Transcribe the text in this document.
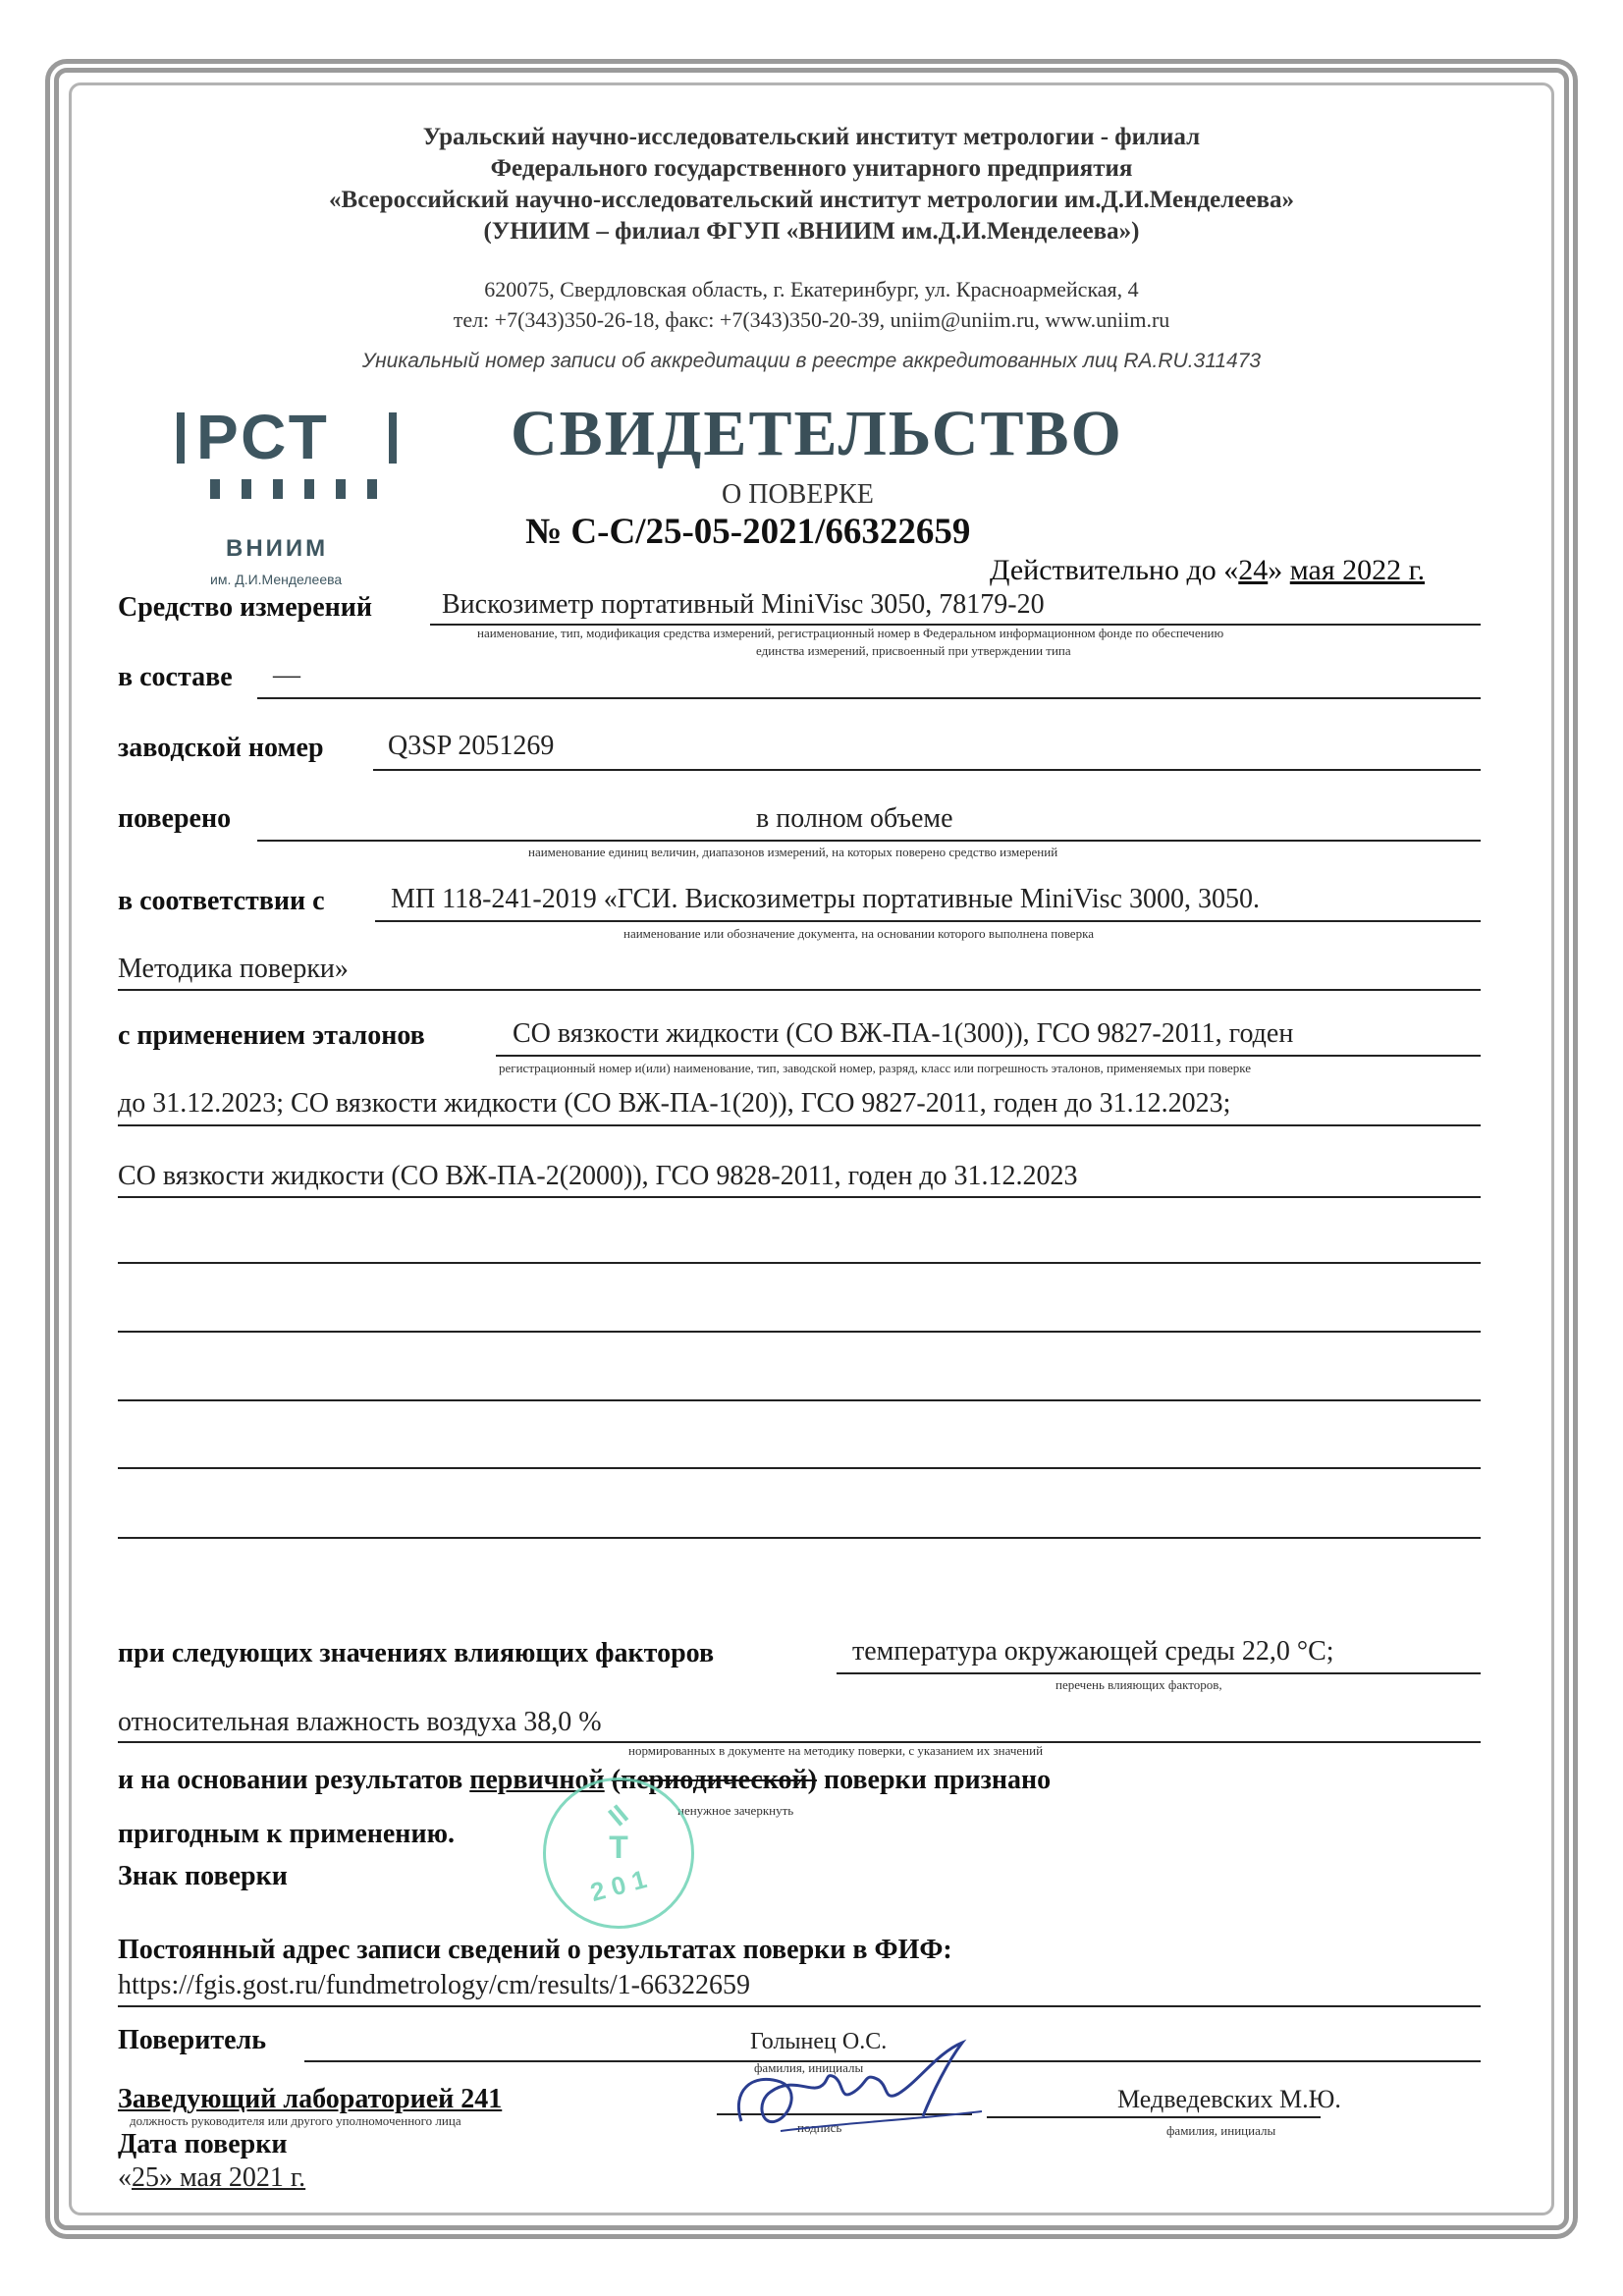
Уральский научно-исследовательский институт метрологии - филиал
Федерального государственного унитарного предприятия
«Всероссийский научно-исследовательский институт метрологии им.Д.И.Менделеева»
(УНИИМ – филиал ФГУП «ВНИИМ им.Д.И.Менделеева»)
620075, Свердловская область, г. Екатеринбург, ул. Красноармейская, 4
тел: +7(343)350-26-18, факс: +7(343)350-20-39, uniim@uniim.ru, www.uniim.ru
Уникальный номер записи об аккредитации в реестре аккредитованных лиц RA.RU.311473
РСТ
ВНИИМ
им. Д.И.Менделеева
СВИДЕТЕЛЬСТВО
О ПОВЕРКЕ
№ С-С/25-05-2021/66322659
Действительно до «24» мая 2022 г.
Средство измерений	Вискозиметр портативный MiniVisc 3050, 78179-20
наименование, тип, модификация средства измерений, регистрационный номер в Федеральном информационном фонде по обеспечению
единства измерений, присвоенный при утверждении типа
в составе —
заводской номер Q3SP 2051269
поверено	в полном объеме
наименование единиц величин, диапазонов измерений, на которых поверено средство измерений
в соответствии с МП 118-241-2019 «ГСИ. Вискозиметры портативные MiniVisc 3000, 3050.
наименование или обозначение документа, на основании которого выполнена поверка
Методика поверки»
с применением эталонов	СО вязкости жидкости (СО ВЖ-ПА-1(300)), ГСО 9827-2011, годен
регистрационный номер и(или) наименование, тип, заводской номер, разряд, класс или погрешность эталонов, применяемых при поверке
до 31.12.2023; СО вязкости жидкости (СО ВЖ-ПА-1(20)), ГСО 9827-2011, годен до 31.12.2023;
СО вязкости жидкости (СО ВЖ-ПА-2(2000)), ГСО 9828-2011, годен до 31.12.2023
при следующих значениях влияющих факторов	температура окружающей среды 22,0 °С;
перечень влияющих факторов,
относительная влажность воздуха 38,0 %
нормированных в документе на методику поверки, с указанием их значений
и на основании результатов первичной (периодической) поверки признано
ненужное зачеркнуть
пригодным к применению.
Знак поверки
II
Т
2 0 1
Постоянный адрес записи сведений о результатах поверки в ФИФ:
https://fgis.gost.ru/fundmetrology/cm/results/1-66322659
Поверитель	Голынец О.С.
фамилия, инициалы
Заведующий лабораторией 241
должность руководителя или другого уполномоченного лица	подпись
Медведевских М.Ю.
фамилия, инициалы
Дата поверки
«25» мая 2021 г.
